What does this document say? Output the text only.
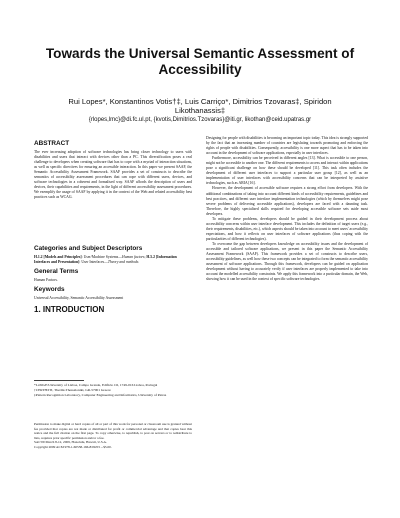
Towards the Universal Semantic Assessment of Accessibility
Rui Lopes*, Konstantinos Votis†‡, Luis Carriço*, Dimitrios Tzovaras‡, Spiridon
Likothanassis‡
{rlopes,lmc}@di.fc.ul.pt, {kvotis,Dimitrios.Tzovaras}@iti.gr, likothan@ceid.upatras.gr
ABSTRACT

The ever increasing adoption of software technologies has bring closer technology to users with disabilities and users that interact with devices other than a PC. This diversification poses a real challenge to developers when creating software that has to cope with a myriad of interaction situations, as well as specific directives for ensuring an accessible interaction. In this paper we present SAAF, the Semantic Accessibility Assessment Framework. SAAF provides a set of constructs to describe the semantics of accessibility assessment procedures that can cope with different users, devices, and software technologies in a coherent and formalised way. SAAF affords the description of users and devices, their capabilities and requirements, in the light of different accessibility assessment procedures. We exemplify the usage of SAAF by applying it in the context of the Web and related accessibility best practices such as WCAG.

Categories and Subject Descriptors

H.1.2 [Models and Principles]: User/Machine Systems—Human factors; H.5.2 [Information Interfaces and Presentation]: User Interfaces—Theory and methods

General Terms

Human Factors.

Keywords

Universal Accessibility, Semantic Accessibility Assessment

1. INTRODUCTION

*LaSIGE/University of Lisboa, Campo Grande, Edifício C6, 1749-016 Lisboa, Portugal

†CERTH/ITI, Thermi-Thessaloniki, GR-57001 Greece

‡Pattern Recognition Laboratory, Computer Engineering and Informatics, University of Patras

Permission to make digital or hard copies of all or part of this work for personal or classroom use is granted without fee provided that copies are not made or distributed for profit or commercial advantage and that copies bear this notice and the full citation on the first page. To copy otherwise, to republish, to post on servers or to redistribute to lists, requires prior specific permission and/or a fee.
SAC'09 March 8-12, 2009, Honolulu, Hawaii, U.S.A.
Copyright 2009 ACM 978-1-60558-166-8/09/03 ...$5.00.

Designing for people with disabilities is becoming an important topic today. This idea is strongly supported by the fact that an increasing number of countries are legislating towards promoting and enforcing the rights of people with disabilities. Consequently, accessibility is one more aspect that has to be taken into account in the development of software applications, especially in user interfaces.

Furthermore, accessibility can be perceived in different angles [13]. What is accessible to one person, might not be accessible to another one. The different requirements to access and interact within applications pose a significant challenge on how these should be developed [11]. This task often includes the development of different user interfaces to support a particular user group [12], as well as an implementation of user interfaces with accessibility concerns that can be interpreted by assistive technologies, such as ARIA [16].

However, the development of accessible software requires a strong effort from developers. With the additional combinations of taking into account different kinds of accessibility requirements, guidelines and best practices, and different user interface implementation technologies (which by themselves might pose severe problems of delivering accessible applications), developers are faced with a daunting task. Therefore, the highly specialised skills required for developing accessible software sets aside most developers.

To mitigate these problems, developers should be guided in their development process about accessibility concerns within user interface development. This includes the definition of target users (e.g., their requirements, disabilities, etc.), which aspects should be taken into account to meet users' accessibility expectations, and how it reflects on user interfaces of software applications (thus coping with the particularities of different technologies).

To overcome the gap between developers knowledge on accessibility issues and the development of accessible and tailored software applications, we present in this paper the Semantic Accessibility Assessment Framework (SAAF). This framework provides a set of constructs to describe users, accessibility guidelines, as well how these two concepts can be integrated to form the semantic accessibility assessment of software applications. Through this framework, developers can be guided on application development without having to accurately verify if user interfaces are properly implemented to take into account the modelled accessibility constraints. We apply this framework into a particular domain, the Web, showing how it can be used in the context of specific software technologies.
